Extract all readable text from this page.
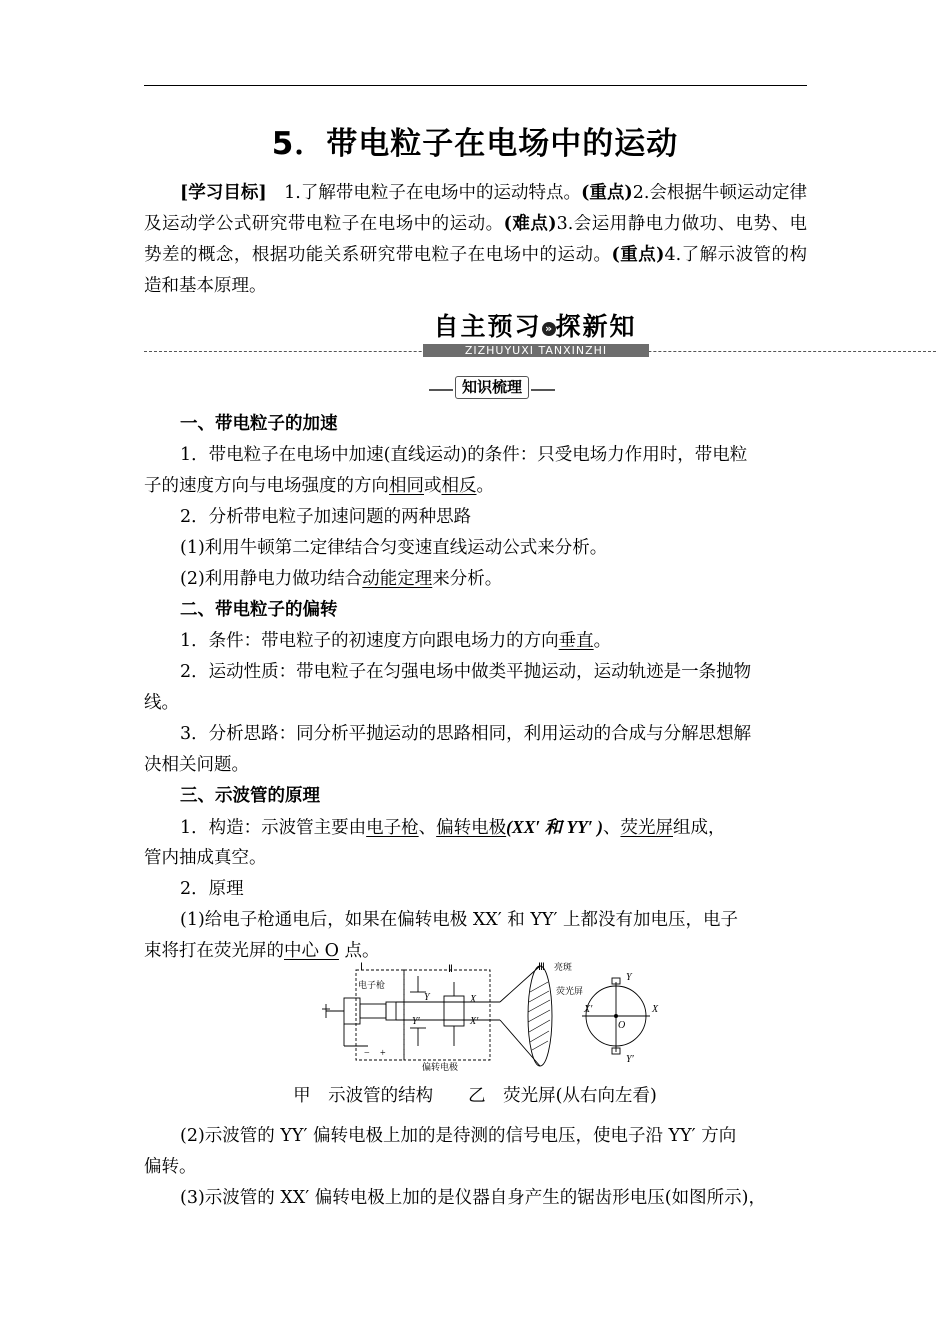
5．带电粒子在电场中的运动
[学习目标]　 1.了解带电粒子在电场中的运动特点。(重点)2.会根据牛顿运动定律及运动学公式研究带电粒子在电场中的运动。(难点)3.会运用静电力做功、电势、电势差的概念，根据功能关系研究带电粒子在电场中的运动。(重点)4.了解示波管的构造和基本原理。
自主预习 » 探新知
ZIZHUYUXI TANXINZHI
知识梳理
一、带电粒子的加速
1．带电粒子在电场中加速(直线运动)的条件：只受电场力作用时，带电粒
子的速度方向与电场强度的方向相同或相反。
2．分析带电粒子加速问题的两种思路
(1)利用牛顿第二定律结合匀变速直线运动公式来分析。
(2)利用静电力做功结合动能定理来分析。
二、带电粒子的偏转
1．条件：带电粒子的初速度方向跟电场力的方向垂直。
2．运动性质：带电粒子在匀强电场中做类平抛运动，运动轨迹是一条抛物
线。
3．分析思路：同分析平抛运动的思路相同，利用运动的合成与分解思想解
决相关问题。
三、示波管的原理
1．构造：示波管主要由电子枪、偏转电极(XX′ 和 YY′ )、荧光屏组成，
管内抽成真空。
2．原理
(1)给电子枪通电后，如果在偏转电极 XX′ 和 YY′ 上都没有加电压，电子
束将打在荧光屏的中心 O 点。
Ⅰ
电子枪
Ⅱ	Ⅲ 亮斑
荧光屏
偏转电极
Y
Y′
X
X′
Y
Y′
X
X′
O
− +
甲　示波管的结构　　乙　荧光屏(从右向左看)
(2)示波管的 YY′ 偏转电极上加的是待测的信号电压，使电子沿 YY′ 方向
偏转。
(3)示波管的 XX′ 偏转电极上加的是仪器自身产生的锯齿形电压(如图所示)，
